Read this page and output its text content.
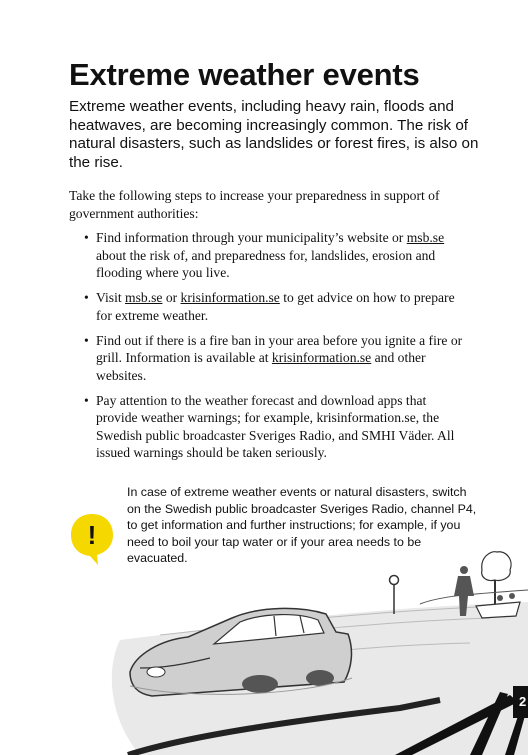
Extreme weather events

Extreme weather events, including heavy rain, floods and heatwaves, are becoming increasingly common. The risk of natural disasters, such as landslides or forest fires, is also on the rise.

Take the following steps to increase your preparedness in support of government authorities:

• Find information through your municipality’s website or msb.se about the risk of, and preparedness for, landslides, erosion and flooding where you live.
• Visit msb.se or krisinformation.se to get advice on how to prepare for extreme weather.
• Find out if there is a fire ban in your area before you ignite a fire or grill. Information is available at krisinformation.se and other websites.
• Pay attention to the weather forecast and download apps that provide weather warnings; for example, krisinformation.se, the Swedish public broadcaster Sveriges Radio, and SMHI Väder. All issued warnings should be taken seriously.
!

In case of extreme weather events or natural disasters, switch on the Swedish public broadcaster Sveriges Radio, channel P4, to get information and further instructions; for example, if you need to boil your tap water or if your area needs to be evacuated.

2
